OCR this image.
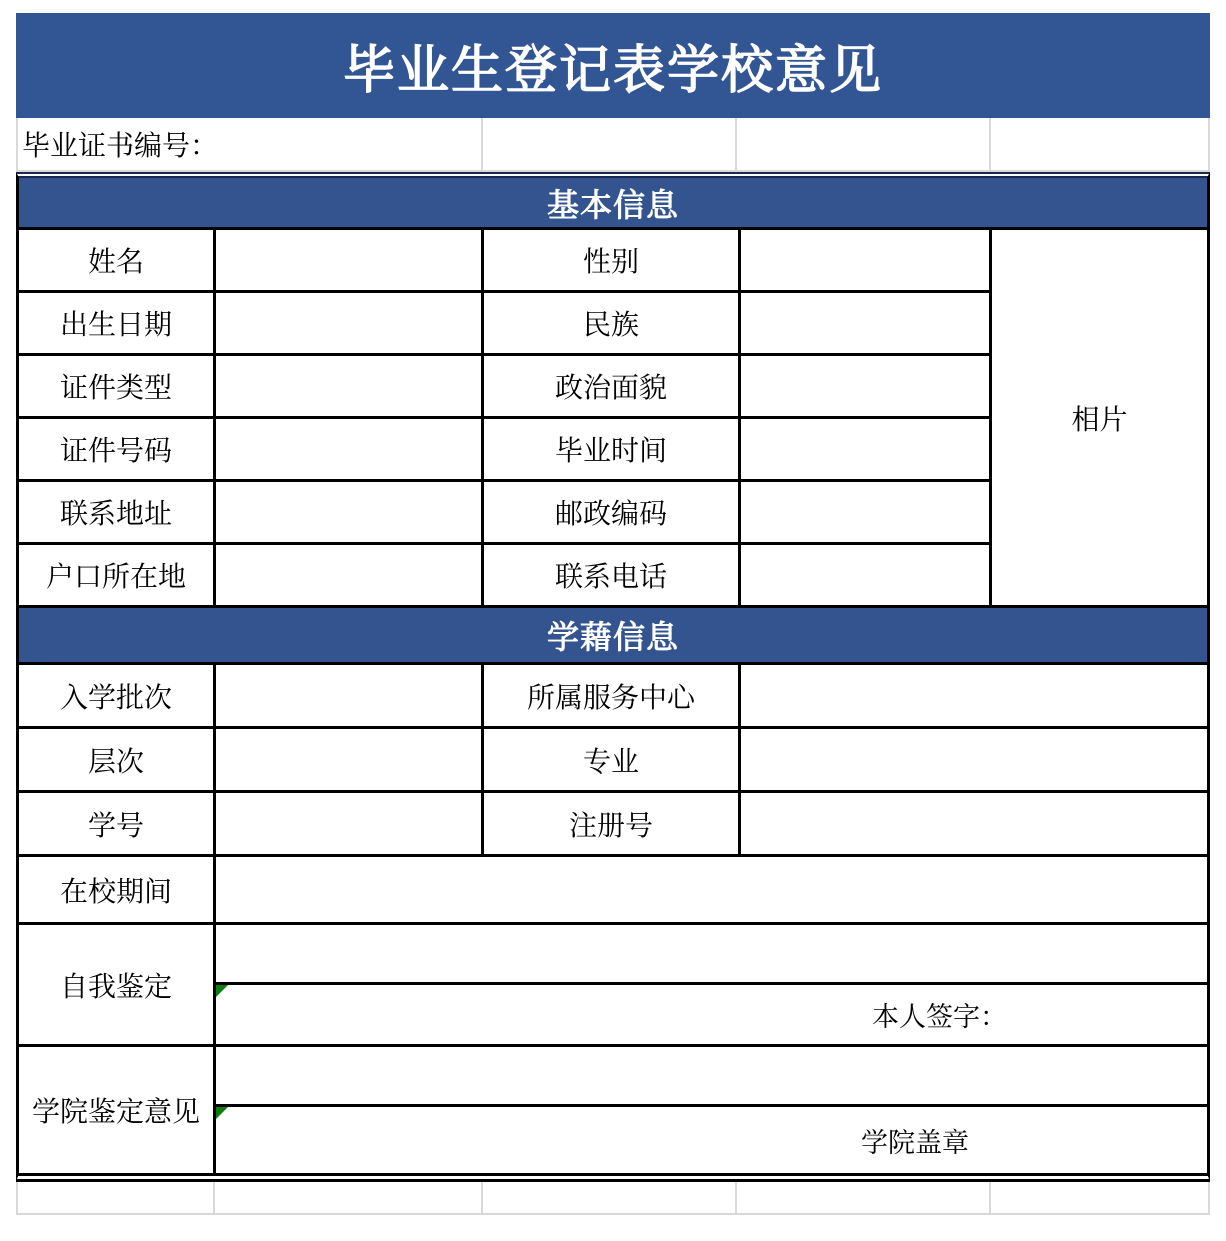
毕业生登记表学校意见
毕业证书编号：
基本信息
姓名	性别
出生日期	民族
证件类型	政治面貌
证件号码	毕业时间
联系地址	邮政编码
户口所在地	联系电话
相片
学藉信息
入学批次	所属服务中心
层次	专业
学号	注册号
在校期间
自我鉴定
本人签字：
学院鉴定意见
学院盖章
